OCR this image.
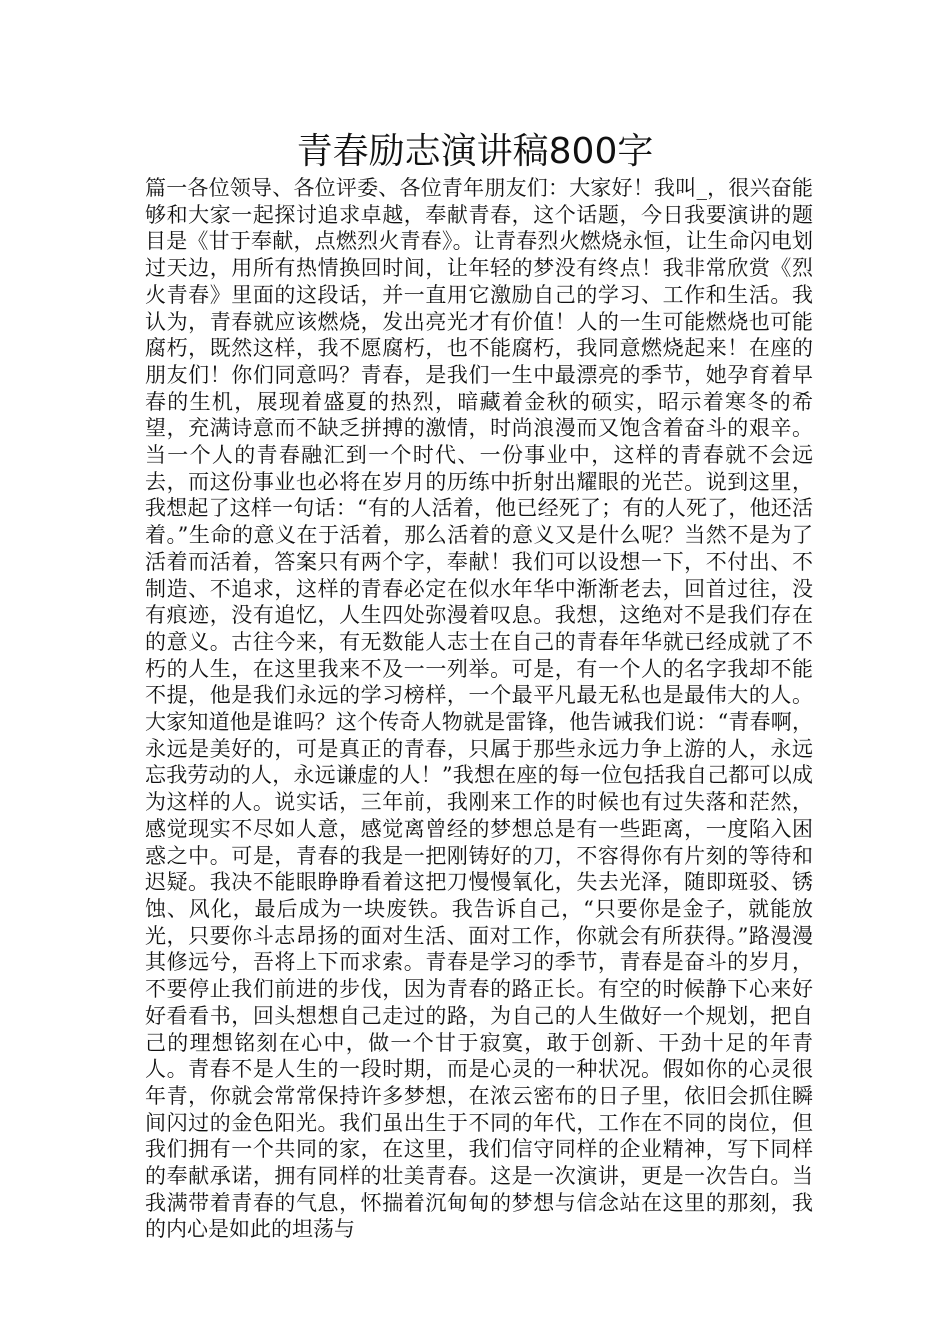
青春励志演讲稿800字

篇一各位领导、各位评委、各位青年朋友们：大家好！我叫_，很兴奋能够和大家一起探讨追求卓越，奉献青春，这个话题，今日我要演讲的题目是《甘于奉献，点燃烈火青春》。让青春烈火燃烧永恒，让生命闪电划过天边，用所有热情换回时间，让年轻的梦没有终点！我非常欣赏《烈火青春》里面的这段话，并一直用它激励自己的学习、工作和生活。我认为，青春就应该燃烧，发出亮光才有价值！人的一生可能燃烧也可能腐朽，既然这样，我不愿腐朽，也不能腐朽，我同意燃烧起来！在座的朋友们！你们同意吗？青春，是我们一生中最漂亮的季节，她孕育着早春的生机，展现着盛夏的热烈，暗藏着金秋的硕实，昭示着寒冬的希望，充满诗意而不缺乏拼搏的激情，时尚浪漫而又饱含着奋斗的艰辛。当一个人的青春融汇到一个时代、一份事业中，这样的青春就不会远去，而这份事业也必将在岁月的历练中折射出耀眼的光芒。说到这里，我想起了这样一句话：“有的人活着，他已经死了；有的人死了，他还活着。”生命的意义在于活着，那么活着的意义又是什么呢？当然不是为了活着而活着，答案只有两个字，奉献！我们可以设想一下，不付出、不制造、不追求，这样的青春必定在似水年华中渐渐老去，回首过往，没有痕迹，没有追忆，人生四处弥漫着叹息。我想，这绝对不是我们存在的意义。古往今来，有无数能人志士在自己的青春年华就已经成就了不朽的人生，在这里我来不及一一列举。可是，有一个人的名字我却不能不提，他是我们永远的学习榜样，一个最平凡最无私也是最伟大的人。大家知道他是谁吗？这个传奇人物就是雷锋，他告诫我们说：“青春啊，永远是美好的，可是真正的青春，只属于那些永远力争上游的人，永远忘我劳动的人，永远谦虚的人！”我想在座的每一位包括我自己都可以成为这样的人。说实话，三年前，我刚来工作的时候也有过失落和茫然，感觉现实不尽如人意，感觉离曾经的梦想总是有一些距离，一度陷入困惑之中。可是，青春的我是一把刚铸好的刀，不容得你有片刻的等待和迟疑。我决不能眼睁睁看着这把刀慢慢氧化，失去光泽，随即斑驳、锈蚀、风化，最后成为一块废铁。我告诉自己，“只要你是金子，就能放光，只要你斗志昂扬的面对生活、面对工作，你就会有所获得。”路漫漫其修远兮，吾将上下而求索。青春是学习的季节，青春是奋斗的岁月，不要停止我们前进的步伐，因为青春的路正长。有空的时候静下心来好好看看书，回头想想自己走过的路，为自己的人生做好一个规划，把自己的理想铭刻在心中，做一个甘于寂寞，敢于创新、干劲十足的年青人。青春不是人生的一段时期，而是心灵的一种状况。假如你的心灵很年青，你就会常常保持许多梦想，在浓云密布的日子里，依旧会抓住瞬间闪过的金色阳光。我们虽出生于不同的年代，工作在不同的岗位，但我们拥有一个共同的家，在这里，我们信守同样的企业精神，写下同样的奉献承诺，拥有同样的壮美青春。这是一次演讲，更是一次告白。当我满带着青春的气息，怀揣着沉甸甸的梦想与信念站在这里的那刻，我的内心是如此的坦荡与
